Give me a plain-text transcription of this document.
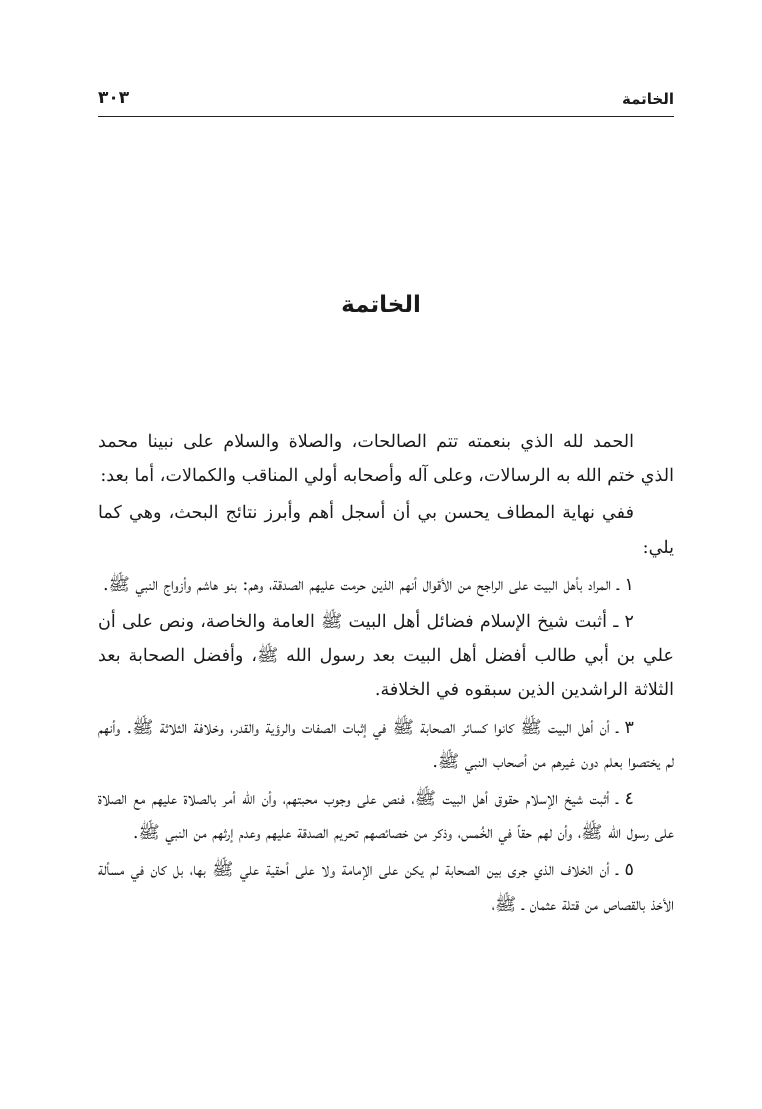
الخاتمة
٣٠٣
الخاتمة

الحمد لله الذي بنعمته تتم الصالحات، والصلاة والسلام على نبينا محمد الذي ختم الله به الرسالات، وعلى آله وأصحابه أولي المناقب والكمالات، أما بعد:

ففي نهاية المطاف يحسن بي أن أسجل أهم وأبرز نتائج البحث، وهي كما يلي:

١ ـ المراد بأهل البيت على الراجح من الأقوال أنهم الذين حرمت عليهم الصدقة، وهم: بنو هاشم وأزواج النبي ﷺ.

٢ ـ أثبت شيخ الإسلام فضائل أهل البيت ﷺ العامة والخاصة، ونص على أن علي بن أبي طالب أفضل أهل البيت بعد رسول الله ﷺ، وأفضل الصحابة بعد الثلاثة الراشدين الذين سبقوه في الخلافة.

٣ ـ أن أهل البيت ﷺ كانوا كسائر الصحابة ﷺ في إثبات الصفات والرؤية والقدر، وخلافة الثلاثة ﷺ. وأنهم لم يختصوا بعلم دون غيرهم من أصحاب النبي ﷺ.

٤ ـ أثبت شيخ الإسلام حقوق أهل البيت ﷺ، فنص على وجوب محبتهم، وأن الله أمر بالصلاة عليهم مع الصلاة على رسول الله ﷺ، وأن لهم حقاً في الخُمس، وذكر من خصائصهم تحريم الصدقة عليهم وعدم إرثهم من النبي ﷺ.

٥ ـ أن الخلاف الذي جرى بين الصحابة لم يكن على الإمامة ولا على أحقية علي ﷺ بها، بل كان في مسألة الأخذ بالقصاص من قتلة عثمان ـ ﷺ،
